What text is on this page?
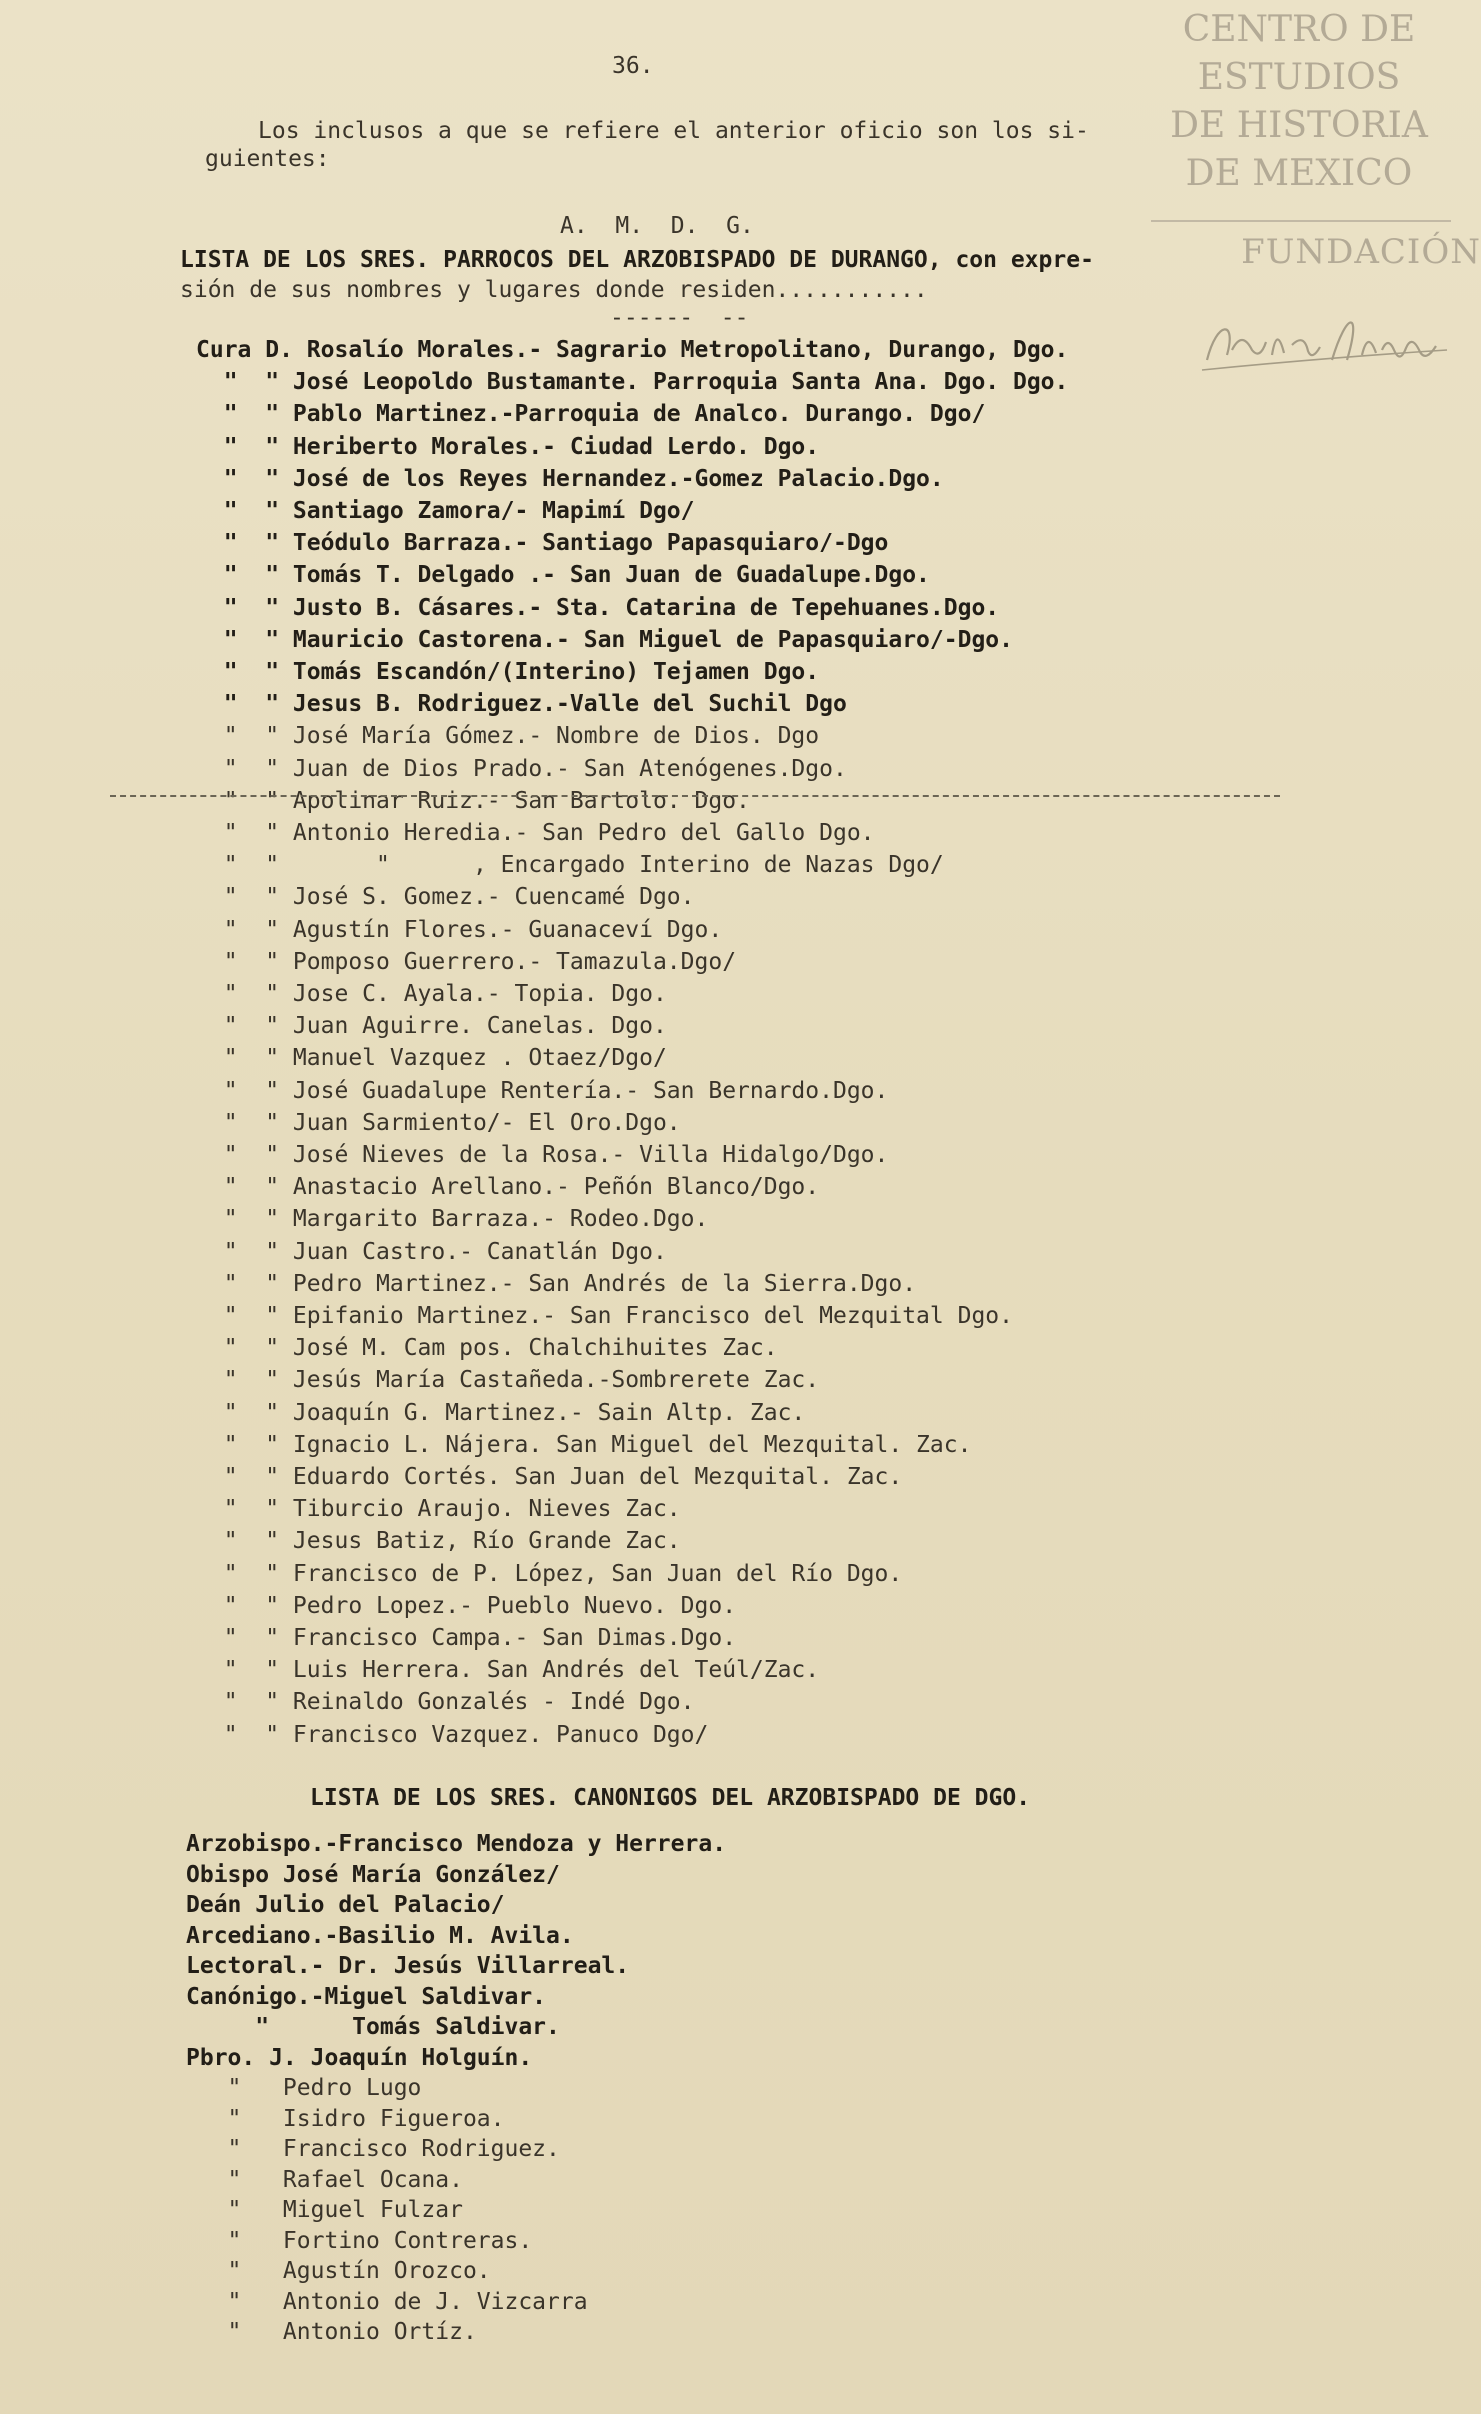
CENTRO DE
ESTUDIOS
DE HISTORIA
DE MEXICO
FUNDACIÓN
36.
Los inclusos a que se refiere el anterior oficio son los si-
guientes:
A.  M.  D.  G.
LISTA DE LOS SRES. PARROCOS DEL ARZOBISPADO DE DURANGO, con expre-
sión de sus nombres y lugares donde residen...........
------  --
Cura D. Rosalío Morales.- Sagrario Metropolitano, Durango, Dgo.
"  " José Leopoldo Bustamante. Parroquia Santa Ana. Dgo. Dgo.
"  " Pablo Martinez.-Parroquia de Analco. Durango. Dgo/
"  " Heriberto Morales.- Ciudad Lerdo. Dgo.
"  " José de los Reyes Hernandez.-Gomez Palacio.Dgo.
"  " Santiago Zamora/- Mapimí Dgo/
"  " Teódulo Barraza.- Santiago Papasquiaro/-Dgo
"  " Tomás T. Delgado .- San Juan de Guadalupe.Dgo.
"  " Justo B. Cásares.- Sta. Catarina de Tepehuanes.Dgo.
"  " Mauricio Castorena.- San Miguel de Papasquiaro/-Dgo.
"  " Tomás Escandón/(Interino) Tejamen Dgo.
"  " Jesus B. Rodriguez.-Valle del Suchil Dgo
"  " José María Gómez.- Nombre de Dios. Dgo
"  " Juan de Dios Prado.- San Atenógenes.Dgo.
"  " Apolinar Ruiz.- San Bartolo. Dgo.
"  " Antonio Heredia.- San Pedro del Gallo Dgo.
"  "       "      , Encargado Interino de Nazas Dgo/
"  " José S. Gomez.- Cuencamé Dgo.
"  " Agustín Flores.- Guanaceví Dgo.
"  " Pomposo Guerrero.- Tamazula.Dgo/
"  " Jose C. Ayala.- Topia. Dgo.
"  " Juan Aguirre. Canelas. Dgo.
"  " Manuel Vazquez . Otaez/Dgo/
"  " José Guadalupe Rentería.- San Bernardo.Dgo.
"  " Juan Sarmiento/- El Oro.Dgo.
"  " José Nieves de la Rosa.- Villa Hidalgo/Dgo.
"  " Anastacio Arellano.- Peñón Blanco/Dgo.
"  " Margarito Barraza.- Rodeo.Dgo.
"  " Juan Castro.- Canatlán Dgo.
"  " Pedro Martinez.- San Andrés de la Sierra.Dgo.
"  " Epifanio Martinez.- San Francisco del Mezquital Dgo.
"  " José M. Cam pos. Chalchihuites Zac.
"  " Jesús María Castañeda.-Sombrerete Zac.
"  " Joaquín G. Martinez.- Sain Altp. Zac.
"  " Ignacio L. Nájera. San Miguel del Mezquital. Zac.
"  " Eduardo Cortés. San Juan del Mezquital. Zac.
"  " Tiburcio Araujo. Nieves Zac.
"  " Jesus Batiz, Río Grande Zac.
"  " Francisco de P. López, San Juan del Río Dgo.
"  " Pedro Lopez.- Pueblo Nuevo. Dgo.
"  " Francisco Campa.- San Dimas.Dgo.
"  " Luis Herrera. San Andrés del Teúl/Zac.
"  " Reinaldo Gonzalés - Indé Dgo.
"  " Francisco Vazquez. Panuco Dgo/
LISTA DE LOS SRES. CANONIGOS DEL ARZOBISPADO DE DGO.
Arzobispo.-Francisco Mendoza y Herrera.
Obispo José María González/
Deán Julio del Palacio/
Arcediano.-Basilio M. Avila.
Lectoral.- Dr. Jesús Villarreal.
Canónigo.-Miguel Saldivar.
"      Tomás Saldivar.
Pbro. J. Joaquín Holguín.
"   Pedro Lugo
"   Isidro Figueroa.
"   Francisco Rodriguez.
"   Rafael Ocana.
"   Miguel Fulzar
"   Fortino Contreras.
"   Agustín Orozco.
"   Antonio de J. Vizcarra
"   Antonio Ortíz.
